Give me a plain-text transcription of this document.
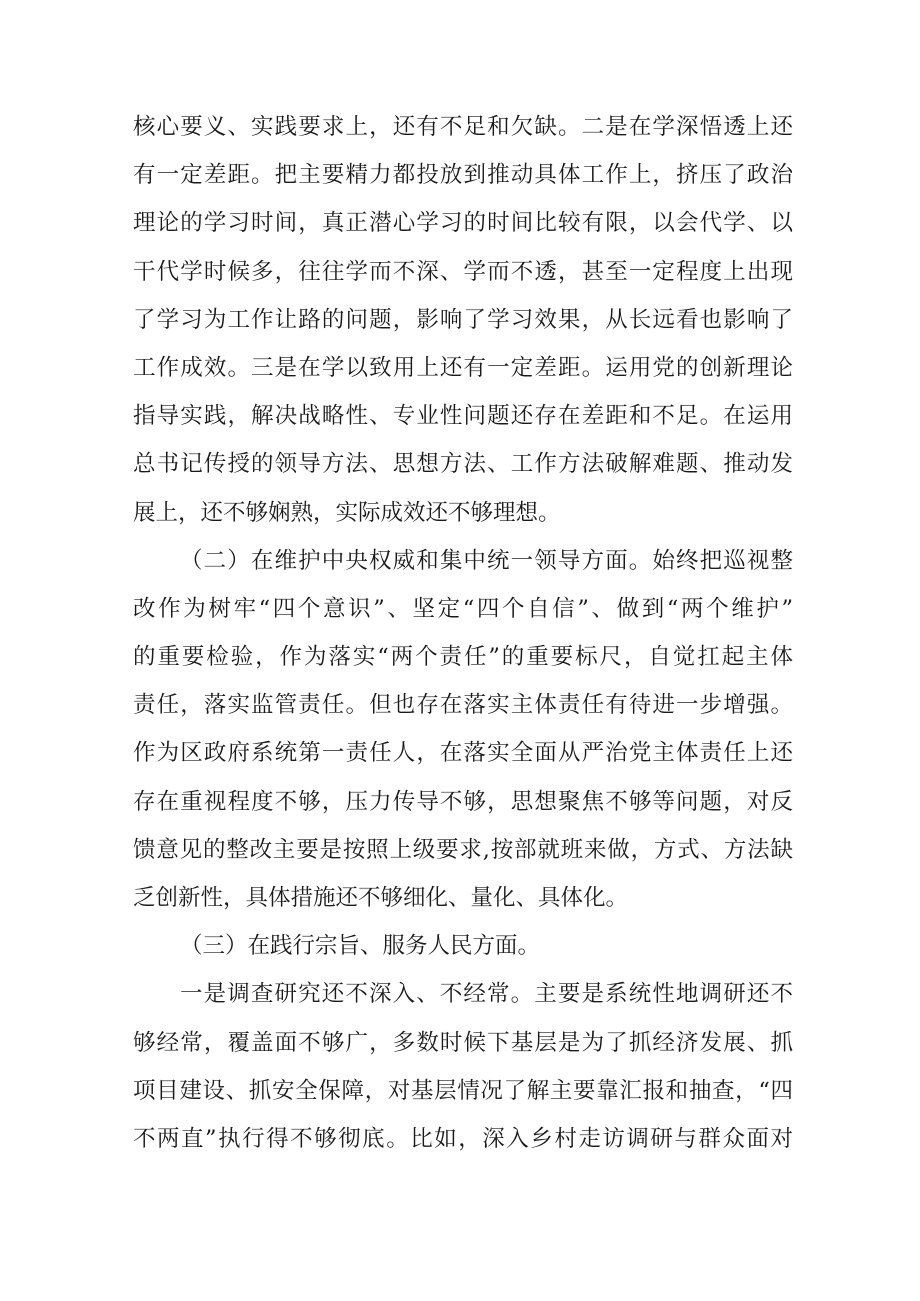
核心要义、实践要求上，还有不足和欠缺。二是在学深悟透上还
有一定差距。把主要精力都投放到推动具体工作上，挤压了政治
理论的学习时间，真正潜心学习的时间比较有限，以会代学、以
干代学时候多，往往学而不深、学而不透，甚至一定程度上出现
了学习为工作让路的问题，影响了学习效果，从长远看也影响了
工作成效。三是在学以致用上还有一定差距。运用党的创新理论
指导实践，解决战略性、专业性问题还存在差距和不足。在运用
总书记传授的领导方法、思想方法、工作方法破解难题、推动发
展上，还不够娴熟，实际成效还不够理想。
（二）在维护中央权威和集中统一领导方面。始终把巡视整
改作为树牢“四个意识”、坚定“四个自信”、做到“两个维护”
的重要检验，作为落实“两个责任”的重要标尺，自觉扛起主体
责任，落实监管责任。但也存在落实主体责任有待进一步增强。
作为区政府系统第一责任人，在落实全面从严治党主体责任上还
存在重视程度不够，压力传导不够，思想聚焦不够等问题，对反
馈意见的整改主要是按照上级要求,按部就班来做，方式、方法缺
乏创新性，具体措施还不够细化、量化、具体化。
（三）在践行宗旨、服务人民方面。
一是调查研究还不深入、不经常。主要是系统性地调研还不
够经常，覆盖面不够广，多数时候下基层是为了抓经济发展、抓
项目建设、抓安全保障，对基层情况了解主要靠汇报和抽查，“四
不两直”执行得不够彻底。比如，深入乡村走访调研与群众面对
